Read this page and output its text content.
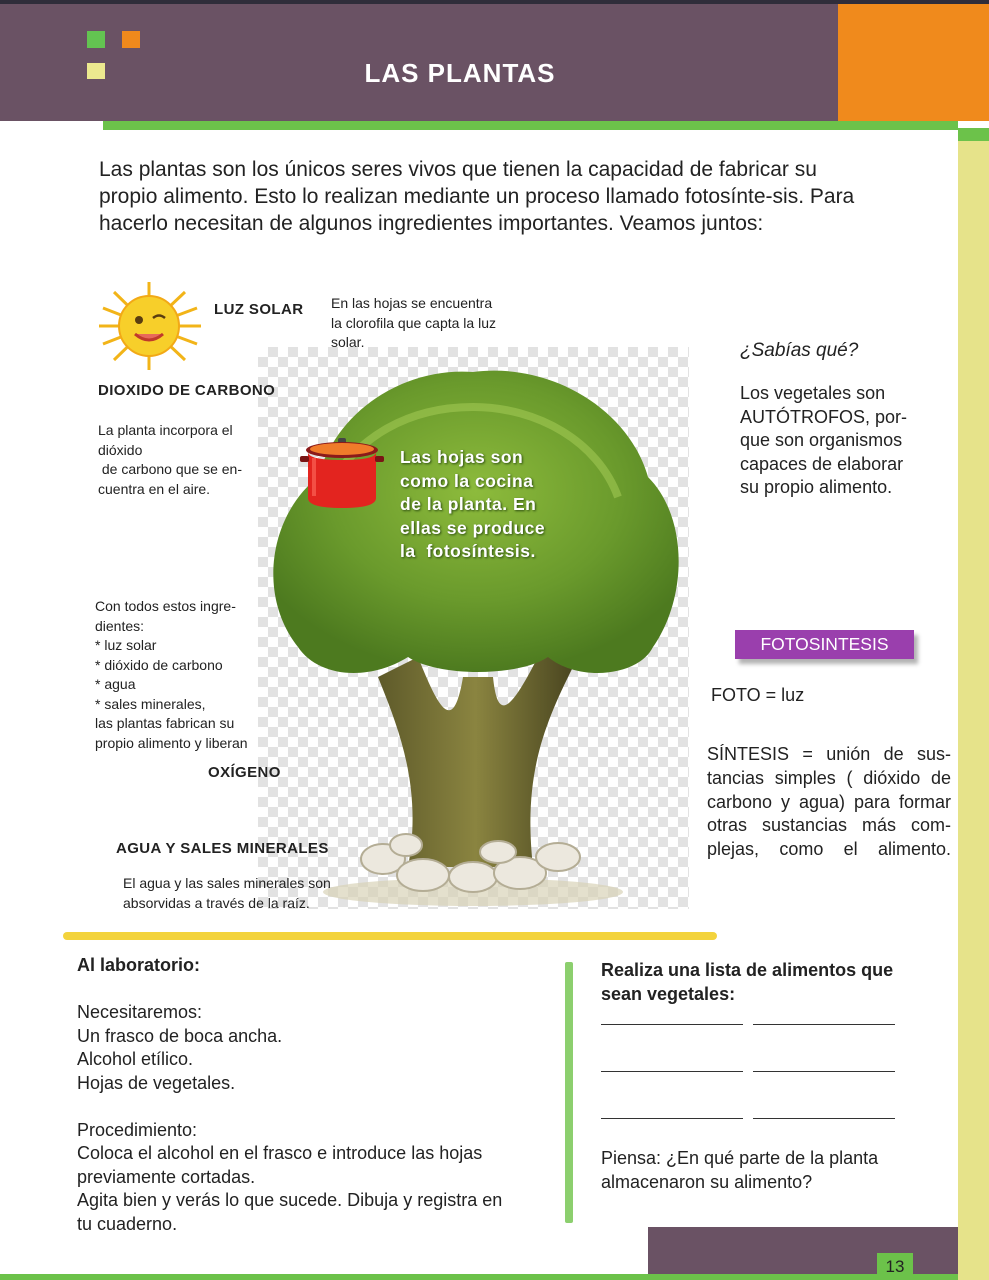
LAS PLANTAS
Las plantas son los únicos seres vivos que tienen la capacidad de fabricar su propio alimento. Esto lo realizan mediante un proceso llamado fotosínte-sis. Para hacerlo necesitan de algunos ingredientes importantes. Veamos juntos:
LUZ SOLAR En las hojas se encuentra
la clorofila que capta la luz
solar.
DIOXIDO DE CARBONO
La planta incorpora el
dióxido
de carbono que se en-
cuentra en el aire.
Las hojas son
como la cocina
de la planta. En
ellas se produce
la  fotosíntesis.
Con todos estos ingre-
dientes:
* luz solar
* dióxido de carbono
* agua
* sales minerales,
las plantas fabrican su
propio alimento y liberan
OXÍGENO
AGUA Y SALES MINERALES
El agua y las sales minerales son
absorvidas a través de la raíz.
¿Sabías qué?
Los vegetales son
AUTÓTROFOS, por-
que son organismos
capaces de elaborar
su propio alimento.
FOTOSINTESIS
FOTO = luz
SÍNTESIS = unión de sus-
tancias simples ( dióxido de
carbono y agua) para formar
otras sustancias más com-
plejas, como el alimento.
Al laboratorio:
Necesitaremos:
Un frasco de boca ancha.
Alcohol etílico.
Hojas de vegetales.
Procedimiento:
Coloca el alcohol en el frasco e introduce las hojas
previamente cortadas.
Agita bien y verás lo que sucede. Dibuja y registra en
tu cuaderno.
Realiza una lista de alimentos que
sean vegetales:
Piensa: ¿En qué parte de la planta
almacenaron su alimento?
13
